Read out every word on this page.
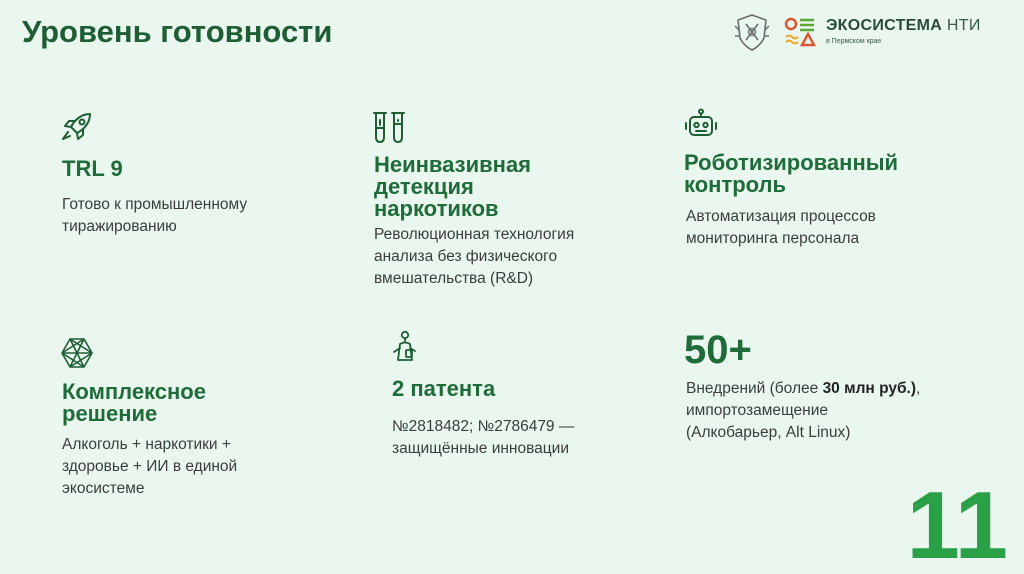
Уровень готовности	ЭКОСИСТЕМА НТИ
в Пермском крае
TRL 9
Готово к промышленному
тиражированию
Неинвазивная
детекция
наркотиков
Революционная технология
анализа без физического
вмешательства (R&D)
Роботизированный
контроль
Автоматизация процессов
мониторинга персонала
Комплексное
решение
Алкоголь + наркотики +
здоровье + ИИ в единой
экосистеме
2 патента
№2818482; №2786479 —
защищённые инновации
50+
Внедрений (более 30 млн руб.),
импортозамещение
(Алкобарьер, Alt Linux)
11
